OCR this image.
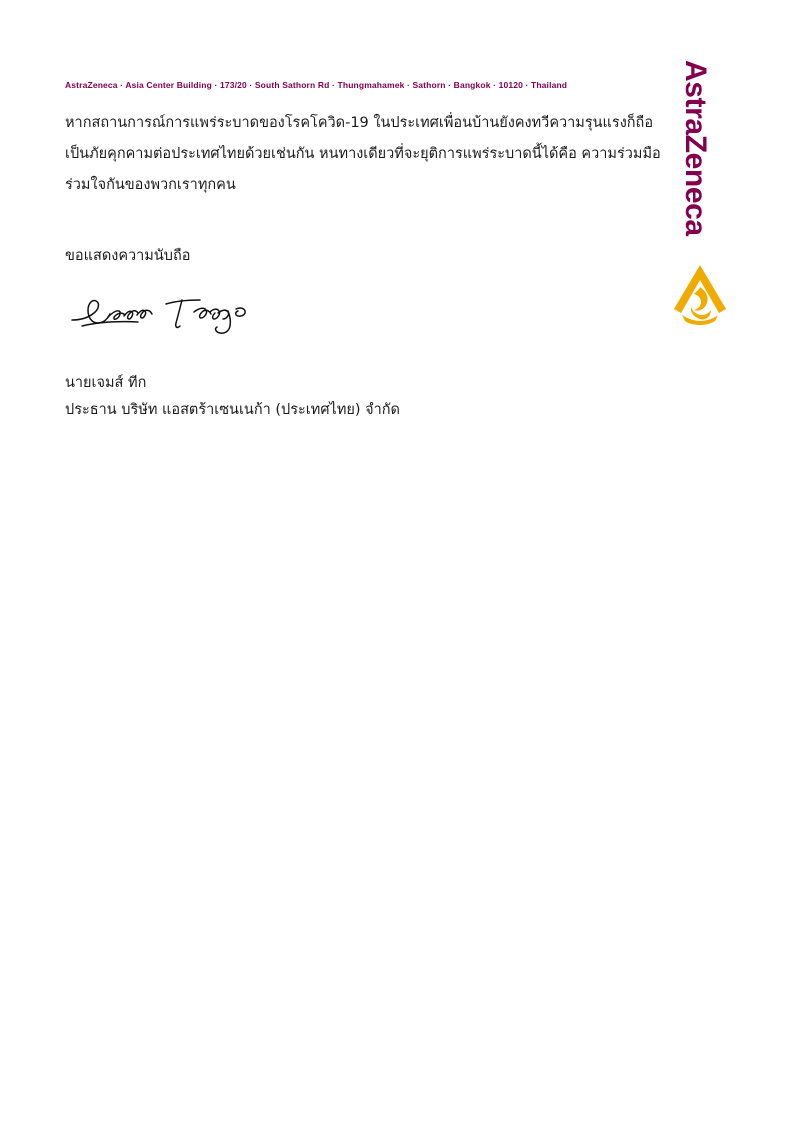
AstraZeneca · Asia Center Building · 173/20 · South Sathorn Rd · Thungmahamek · Sathorn · Bangkok · 10120 · Thailand

หากสถานการณ์การแพร่ระบาดของโรคโควิด-19 ในประเทศเพื่อนบ้านยังคงทวีความรุนแรงก็ถือเป็นภัยคุกคามต่อประเทศไทยด้วยเช่นกัน หนทางเดียวที่จะยุติการแพร่ระบาดนี้ได้คือ ความร่วมมือร่วมใจกันของพวกเราทุกคน

ขอแสดงความนับถือ
นายเจมส์ ทีก
ประธาน บริษัท แอสตร้าเซนเนก้า (ประเทศไทย) จำกัด
AstraZeneca
